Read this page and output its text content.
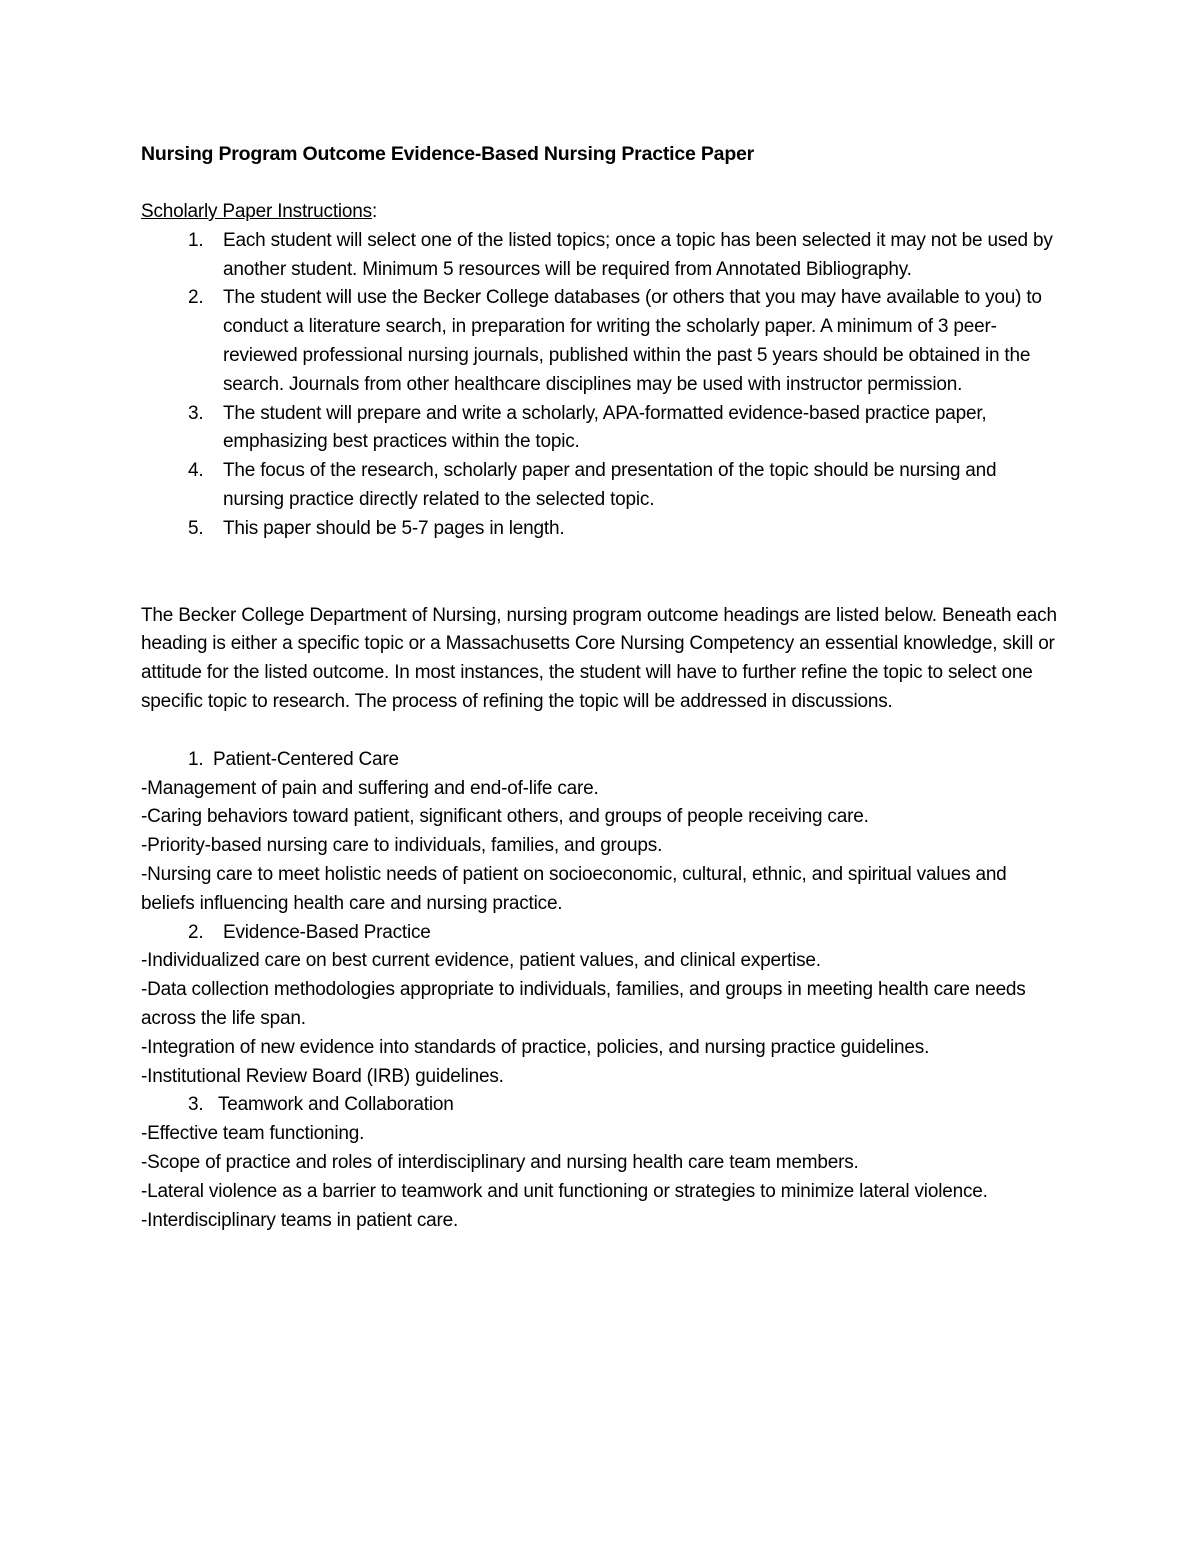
Nursing Program Outcome Evidence-Based Nursing Practice Paper

Scholarly Paper Instructions:

1.	Each student will select one of the listed topics; once a topic has been selected it may not be used by another student. Minimum 5 resources will be required from Annotated Bibliography.
2.	The student will use the Becker College databases (or others that you may have available to you) to conduct a literature search, in preparation for writing the scholarly paper. A minimum of 3 peer-reviewed professional nursing journals, published within the past 5 years should be obtained in the search. Journals from other healthcare disciplines may be used with instructor permission.
3.	The student will prepare and write a scholarly, APA-formatted evidence-based practice paper, emphasizing best practices within the topic.
4.	The focus of the research, scholarly paper and presentation of the topic should be nursing and nursing practice directly related to the selected topic.
5.	This paper should be 5-7 pages in length.

The Becker College Department of Nursing, nursing program outcome headings are listed below. Beneath each heading is either a specific topic or a Massachusetts Core Nursing Competency an essential knowledge, skill or attitude for the listed outcome. In most instances, the student will have to further refine the topic to select one specific topic to research. The process of refining the topic will be addressed in discussions.

1. Patient-Centered Care

-Management of pain and suffering and end-of-life care.

-Caring behaviors toward patient, significant others, and groups of people receiving care.

-Priority-based nursing care to individuals, families, and groups.

-Nursing care to meet holistic needs of patient on socioeconomic, cultural, ethnic, and spiritual values and beliefs influencing health care and nursing practice.

2. Evidence-Based Practice

-Individualized care on best current evidence, patient values, and clinical expertise.

-Data collection methodologies appropriate to individuals, families, and groups in meeting health care needs across the life span.

-Integration of new evidence into standards of practice, policies, and nursing practice guidelines.

-Institutional Review Board (IRB) guidelines.

3. Teamwork and Collaboration

-Effective team functioning.

-Scope of practice and roles of interdisciplinary and nursing health care team members.

-Lateral violence as a barrier to teamwork and unit functioning or strategies to minimize lateral violence.

-Interdisciplinary teams in patient care.
